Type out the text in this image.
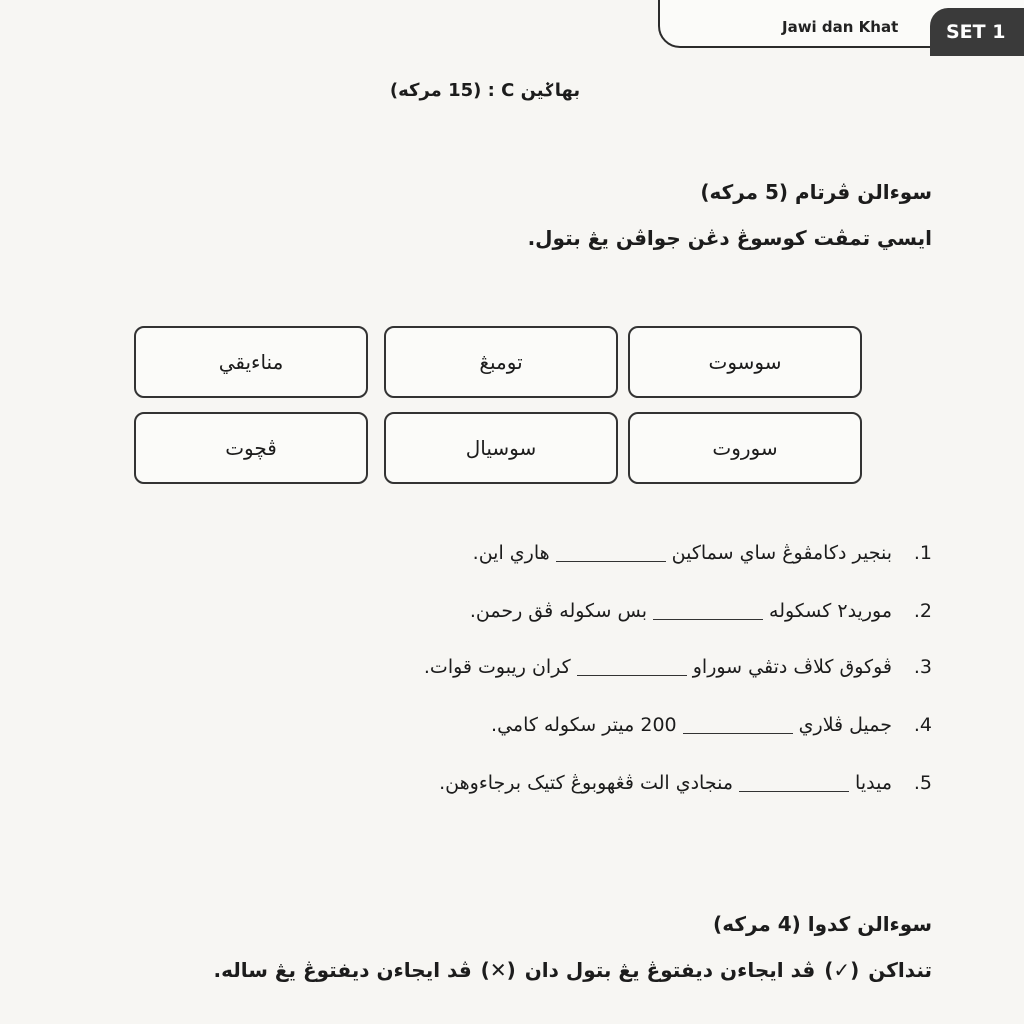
Jawi dan Khat	SET 1
بهاݢين C : (15 مركه)
سوءالن ڤرتام (5 مركه)
ايسي تمڤت كوسوڠ دڠن جواڤن يڠ بتول.
سوسوت
تومبڠ
مناءيقي
سوروت
سوسيال
ڤچوت
1.
بنجير دكامڤوڠ ساي سماكين
هاري اين.
2.
موريد٢ كسكوله
بس سكوله ڤق رحمن.
3.
ڤوكوق كلاڤ دتڤي سوراو
كران ريبوت قوات.
4.
جميل ڤلاري
200 ميتر سكوله كامي.
5.
ميديا
منجادي الت ڤڠهوبوڠ كتيک برجاءوهن.
سوءالن كدوا (4 مركه)
تنداكن
(✓)
ڤد ايجاءن ديفتوڠ يڠ بتول دان
(✕)
ڤد ايجاءن ديفتوڠ يڠ ساله.
